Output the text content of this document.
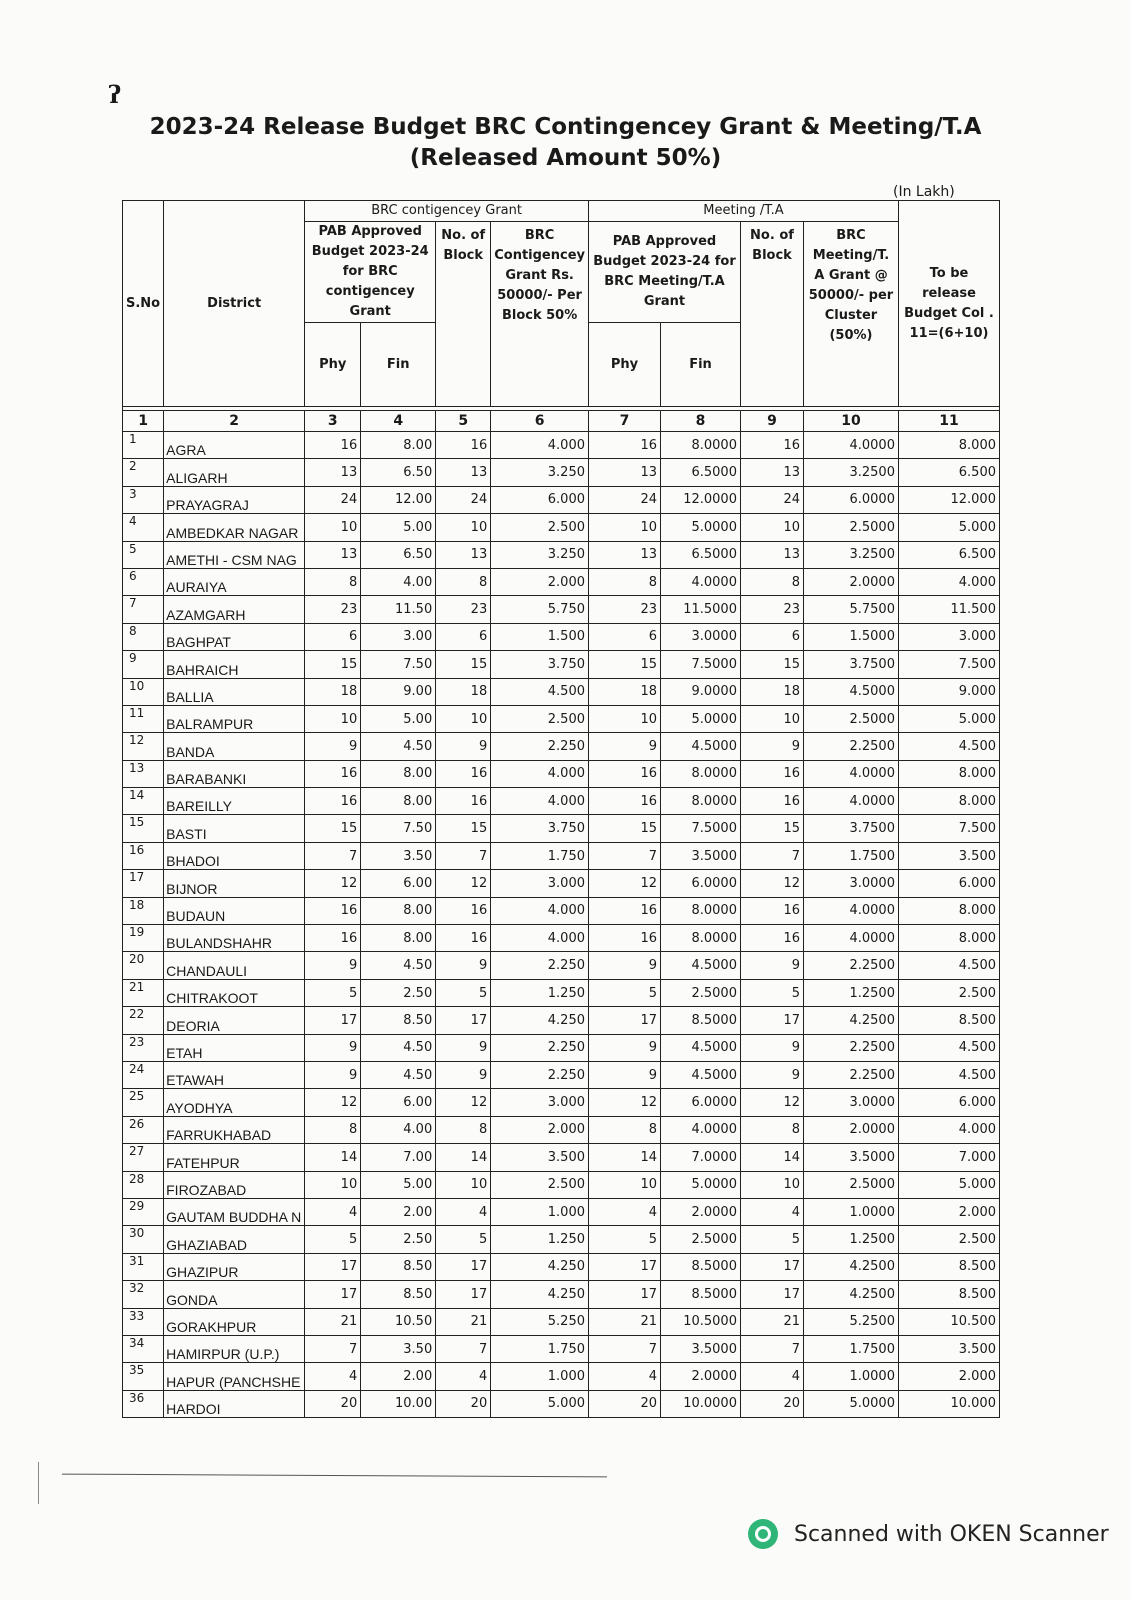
ʔ
2023-24 Release Budget BRC Contingencey Grant & Meeting/T.A
(Released Amount 50%)
(In Lakh)
S.No	District	BRC contigencey Grant				Meeting /T.A				To be release Budget Col . 11=(6+10)
		PAB Approved Budget 2023-24 for BRC contigencey Grant		No. of Block	BRC Contigencey Grant Rs. 50000/- Per Block 50%	PAB Approved Budget 2023-24 for BRC Meeting/T.A Grant		No. of Block	BRC Meeting/T. A Grant @ 50000/- per Cluster (50%)	
		Phy	Fin			Phy	Fin			

1	2	3	4	5	6	7	8	9	10	11
1	AGRA	16	8.00	16	4.000	16	8.0000	16	4.0000	8.000
2	ALIGARH	13	6.50	13	3.250	13	6.5000	13	3.2500	6.500
3	PRAYAGRAJ	24	12.00	24	6.000	24	12.0000	24	6.0000	12.000
4	AMBEDKAR NAGAR	10	5.00	10	2.500	10	5.0000	10	2.5000	5.000
5	AMETHI - CSM NAG	13	6.50	13	3.250	13	6.5000	13	3.2500	6.500
6	AURAIYA	8	4.00	8	2.000	8	4.0000	8	2.0000	4.000
7	AZAMGARH	23	11.50	23	5.750	23	11.5000	23	5.7500	11.500
8	BAGHPAT	6	3.00	6	1.500	6	3.0000	6	1.5000	3.000
9	BAHRAICH	15	7.50	15	3.750	15	7.5000	15	3.7500	7.500
10	BALLIA	18	9.00	18	4.500	18	9.0000	18	4.5000	9.000
11	BALRAMPUR	10	5.00	10	2.500	10	5.0000	10	2.5000	5.000
12	BANDA	9	4.50	9	2.250	9	4.5000	9	2.2500	4.500
13	BARABANKI	16	8.00	16	4.000	16	8.0000	16	4.0000	8.000
14	BAREILLY	16	8.00	16	4.000	16	8.0000	16	4.0000	8.000
15	BASTI	15	7.50	15	3.750	15	7.5000	15	3.7500	7.500
16	BHADOI	7	3.50	7	1.750	7	3.5000	7	1.7500	3.500
17	BIJNOR	12	6.00	12	3.000	12	6.0000	12	3.0000	6.000
18	BUDAUN	16	8.00	16	4.000	16	8.0000	16	4.0000	8.000
19	BULANDSHAHR	16	8.00	16	4.000	16	8.0000	16	4.0000	8.000
20	CHANDAULI	9	4.50	9	2.250	9	4.5000	9	2.2500	4.500
21	CHITRAKOOT	5	2.50	5	1.250	5	2.5000	5	1.2500	2.500
22	DEORIA	17	8.50	17	4.250	17	8.5000	17	4.2500	8.500
23	ETAH	9	4.50	9	2.250	9	4.5000	9	2.2500	4.500
24	ETAWAH	9	4.50	9	2.250	9	4.5000	9	2.2500	4.500
25	AYODHYA	12	6.00	12	3.000	12	6.0000	12	3.0000	6.000
26	FARRUKHABAD	8	4.00	8	2.000	8	4.0000	8	2.0000	4.000
27	FATEHPUR	14	7.00	14	3.500	14	7.0000	14	3.5000	7.000
28	FIROZABAD	10	5.00	10	2.500	10	5.0000	10	2.5000	5.000
29	GAUTAM BUDDHA N	4	2.00	4	1.000	4	2.0000	4	1.0000	2.000
30	GHAZIABAD	5	2.50	5	1.250	5	2.5000	5	1.2500	2.500
31	GHAZIPUR	17	8.50	17	4.250	17	8.5000	17	4.2500	8.500
32	GONDA	17	8.50	17	4.250	17	8.5000	17	4.2500	8.500
33	GORAKHPUR	21	10.50	21	5.250	21	10.5000	21	5.2500	10.500
34	HAMIRPUR (U.P.)	7	3.50	7	1.750	7	3.5000	7	1.7500	3.500
35	HAPUR (PANCHSHE	4	2.00	4	1.000	4	2.0000	4	1.0000	2.000
36	HARDOI	20	10.00	20	5.000	20	10.0000	20	5.0000	10.000
Scanned with OKEN Scanner
